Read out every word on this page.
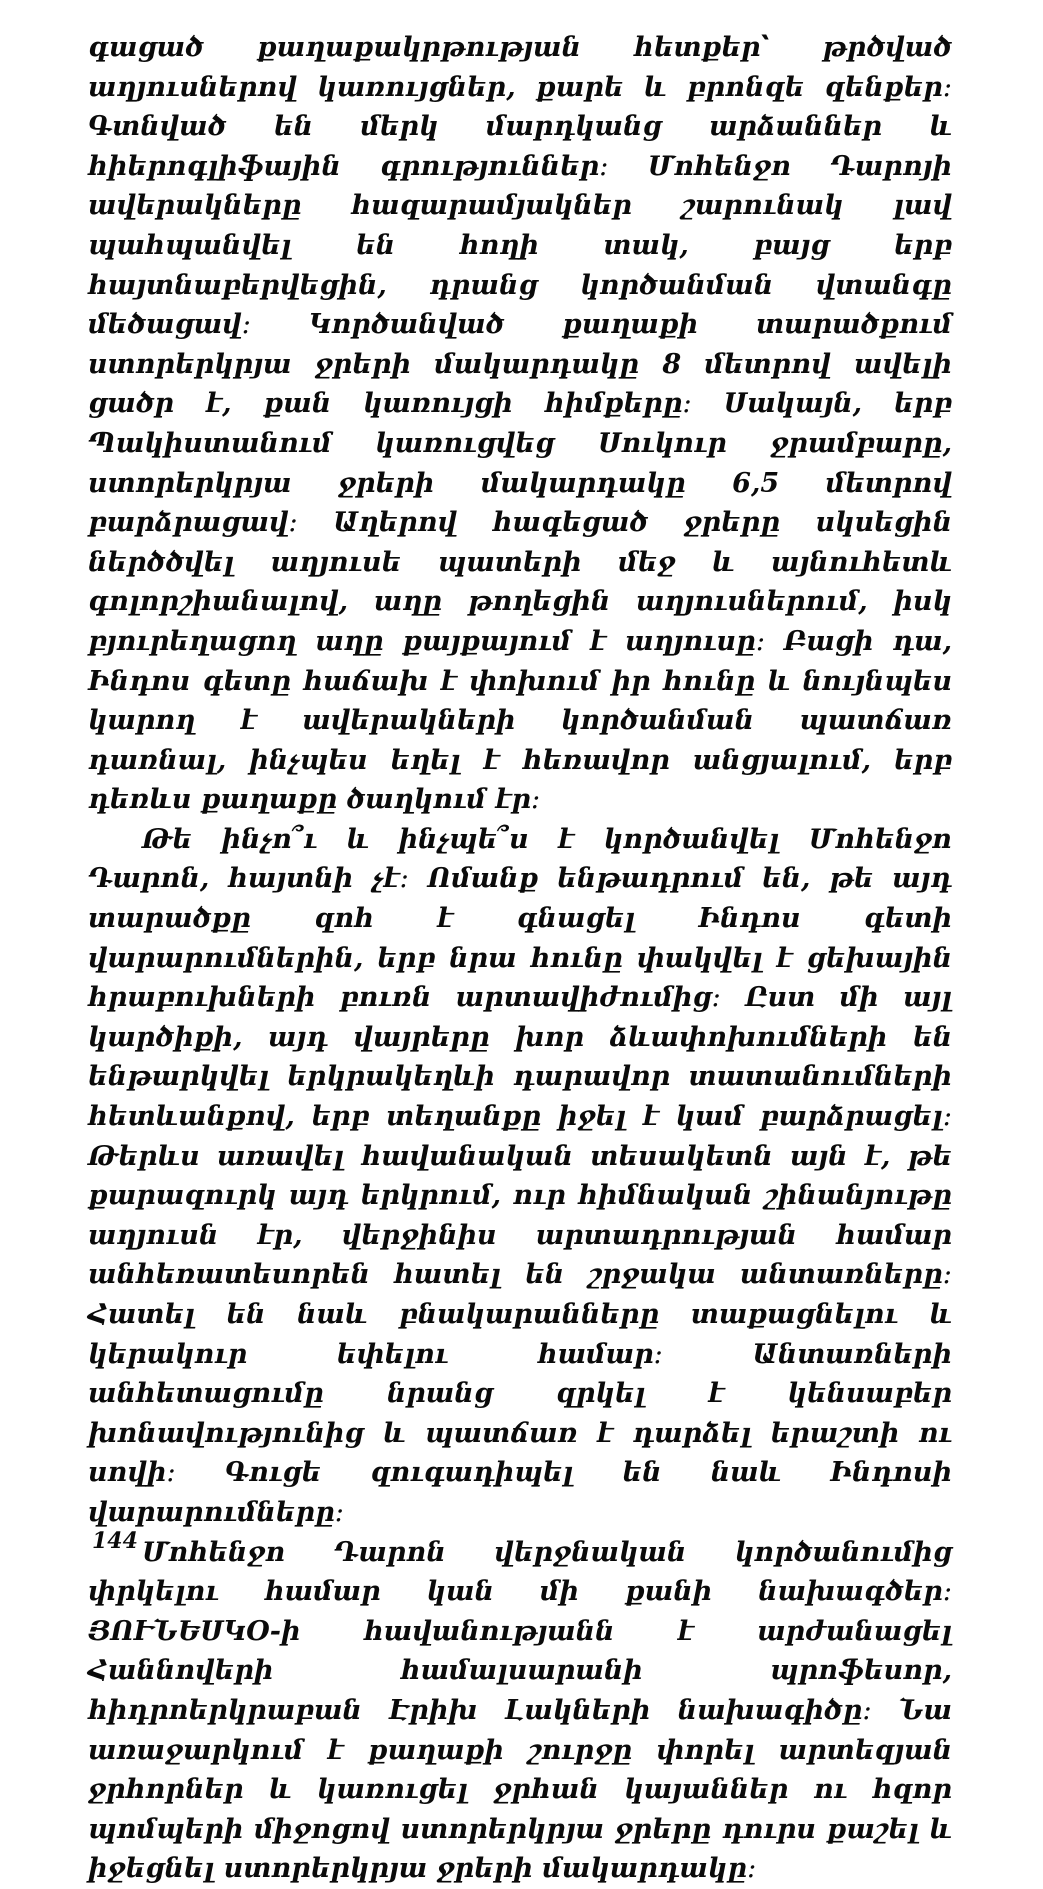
գացած քաղաքակրթության հետքեր՝ թրծված աղյուսներով կառույցներ, քարե և բրոնզե զենքեր։ Գտնված են մերկ մարդկանց արձաններ և հիերոգլիֆային գրություններ։ Մոհենջո Դարոյի ավերակները հազարամյակներ շարունակ լավ պահպանվել են հողի տակ, բայց երբ հայտնաբերվեցին, դրանց կործանման վտանգը մեծացավ։ Կործանված քաղաքի տարածքում ստորերկրյա ջրերի մակարդակը 8 մետրով ավելի ցածր է, քան կառույցի հիմքերը։ Սակայն, երբ Պակիստանում կառուցվեց Սուկուր ջրամբարը, ստորերկրյա ջրերի մակարդակը 6,5 մետրով բարձրացավ։ Աղերով հագեցած ջրերը սկսեցին ներծծվել աղյուսե պատերի մեջ և այնուհետև գոլորշիանալով, աղը թողեցին աղյուսներում, իսկ բյուրեղացող աղը քայքայում է աղյուսը։ Բացի դա, Ինդոս գետը հաճախ է փոխում իր հունը և նույնպես կարող է ավերակների կործանման պատճառ դառնալ, ինչպես եղել է հեռավոր անցյալում, երբ դեռևս քաղաքը ծաղկում էր։

Թե ինչո՞ւ և ինչպե՞ս է կործանվել Մոհենջո Դարոն, հայտնի չէ։ Ոմանք ենթադրում են, թե այդ տարածքը զոհ է գնացել Ինդոս գետի վարարումներին, երբ նրա հունը փակվել է ցեխային հրաբուխների բուռն արտավիժումից։ Ըստ մի այլ կարծիքի, այդ վայրերը խոր ձևափոխումների են ենթարկվել երկրակեղևի դարավոր տատանումների հետևանքով, երբ տեղանքը իջել է կամ բարձրացել։ Թերևս առավել հավանական տեսակետն այն է, թե քարազուրկ այդ երկրում, ուր հիմնական շինանյութը աղյուսն էր, վերջինիս արտադրության համար անհեռատեսորեն հատել են շրջակա անտառները։ Հատել են նաև բնակարանները տաքացնելու և կերակուր եփելու համար։ Անտառների անհետացումը նրանց զրկել է կենսաբեր խոնավությունից և պատճառ է դարձել երաշտի ու սովի։ Գուցե զուգադիպել են նաև Ինդոսի վարարումները։

Մոհենջո Դարոն վերջնական կործանումից փրկելու համար կան մի քանի նախագծեր։ ՅՈՒՆԵՍԿՕ-ի հավանությանն է արժանացել Հաննովերի համալսարանի պրոֆեսոր, հիդրոերկրաբան Էրիխ Լակների նախագիծը։ Նա առաջարկում է քաղաքի շուրջը փորել արտեզյան ջրհորներ և կառուցել ջրհան կայաններ ու հզոր պոմպերի միջոցով ստորերկրյա ջրերը դուրս քաշել և իջեցնել ստորերկրյա ջրերի մակարդակը։

144
